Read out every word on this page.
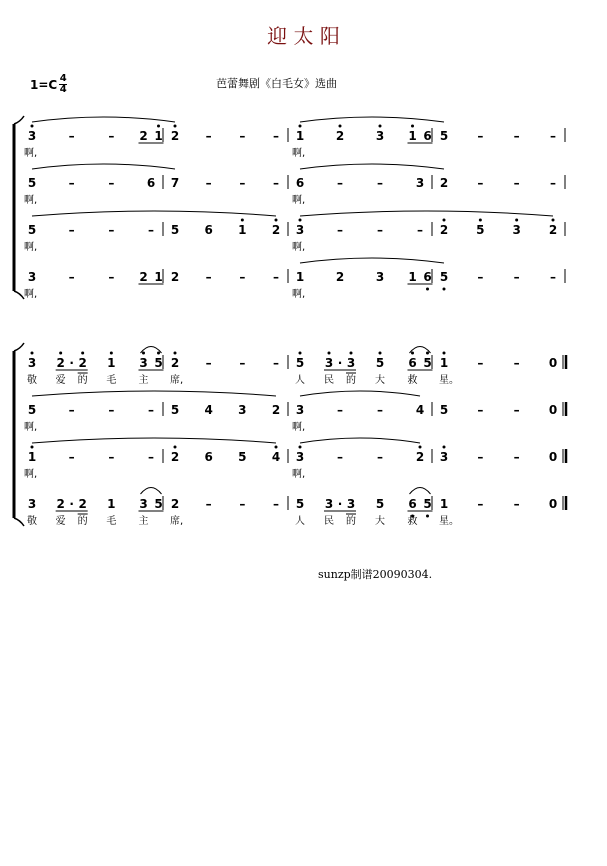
迎 太 阳
$1=C \frac{4}{4}$	芭蕾舞剧《白毛女》选曲
3	–	– 2 1 2 – – – 1	2	3 1 6 5 –	–	–
啊,	啊,
5	–	–	6 7 – – – 6	–	–	3 2 –	–	–
啊,	啊,
5	–	–	– 5 6 1 2 3	–	–	– 2 5 3 2
啊,	啊,
3	–	– 2 1 2 – – – 1	2	3 1 6 5 –	–	–
啊,	啊,
3 2 · 2 1 3 5 2 – – – 5 3 · 3 5 6 5 1 –	– 0
敬 爱 的 毛 主 席,	人 民 的 大 救 星。
5	–	–	– 5 4 3 2 3	–	–	4 5 –	– 0
啊,	啊,
1	–	–	– 2 6 5 4 3	–	–	2 3 –	– 0
啊,	啊,
3 2 · 2 1 3 5 2 – – – 5 3 · 3 5 6 5 1 –	– 0
敬 爱 的 毛 主 席,	人 民 的 大 救 星。
sunzp制谱20090304.
